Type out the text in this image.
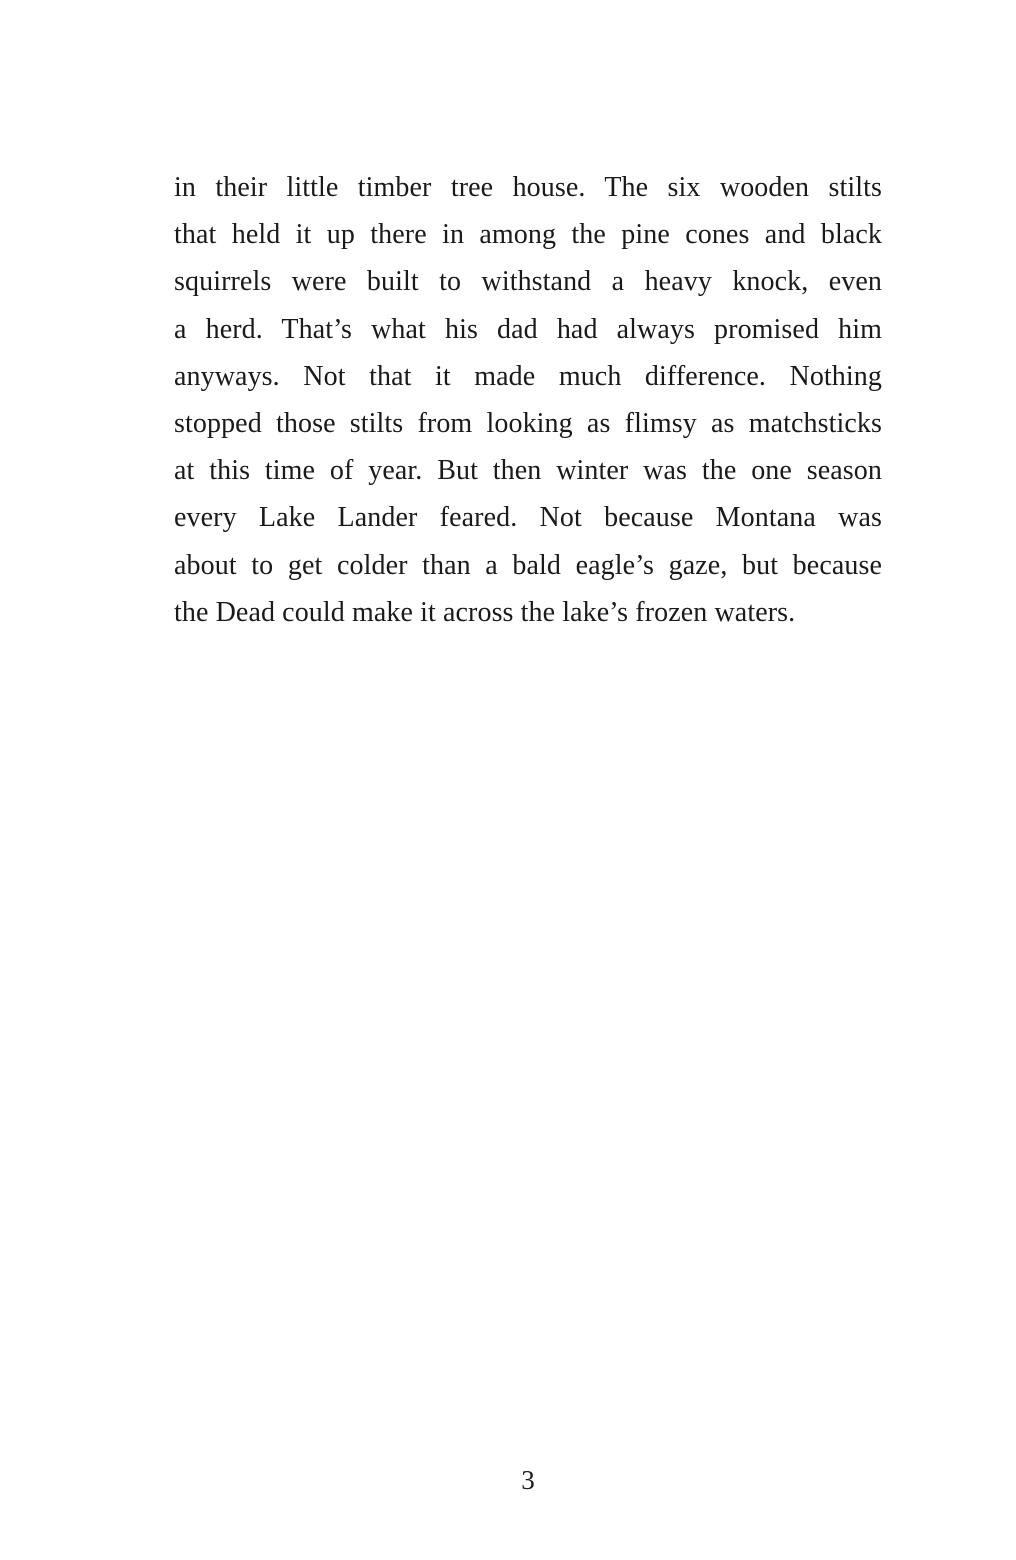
in their little timber tree house. The six wooden stilts
that held it up there in among the pine cones and black
squirrels were built to withstand a heavy knock, even
a herd. That’s what his dad had always promised him
anyways. Not that it made much difference. Nothing
stopped those stilts from looking as flimsy as matchsticks
at this time of year. But then winter was the one season
every Lake Lander feared. Not because Montana was
about to get colder than a bald eagle’s gaze, but because
the Dead could make it across the lake’s frozen waters.

3
